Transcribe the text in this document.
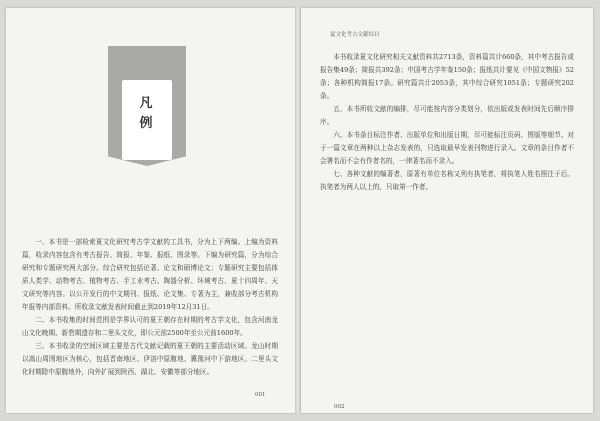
凡
例

一、本书是一部检索夏文化研究考古学文献的工具书，分为上下两编。上编为资料篇，收录内容包含有考古报告、简报、年鉴、报纸、图录等。下编为研究篇，分为综合研究和专题研究两大部分。综合研究包括论著、论文和硕博论文；专题研究主要包括体质人类学、动物考古、植物考古、手工业考古、陶器分析、环境考古、夏十四周年、天文研究等内容。以公开发行的中文期刊、报纸、论文集、专著为主，兼收部分考古机构年报等内部资料。所收录文献发表时间截止到2019年12月31日。

二、本书收集的时间范围是学界认可的夏王朝存在时期的考古学文化，包含河南龙山文化晚期、新砦期遗存和二里头文化，即公元前2500年至公元前1600年。

三、本书收录的空间区域主要是古代文献记载的夏王朝的主要活动区域。龙山时期以嵩山周围地区为核心，包括晋南地区、伊洛中原腹地、冀豫河中下游地区。二里头文化时期除中原腹地外，向外扩展到陕西、湖北、安徽等部分地区。

001
夏文化考古文献综目

本书收录夏文化研究相关文献资料共2713条，资料篇共计660条，其中考古报告或报告集49条；简报共392条；中国考古学年鉴150条；报纸共计要见《中国文物报》52条；各种机构简报17条。研究篇共计2053条，其中综合研究1051条；专题研究202条。

五、本书所收文献的编排，尽可能按内容分类划分，依出版或发表时间先后顺序排序。

六、本书条目标注作者、出版单位和出版日期，尽可能标注页码、图版等细节。对于一篇文章在两种以上杂志发表的，只选取最早发表刊物进行录入。文章的条目作者不会署名而不会有作者名的，一律著名而不录入。

七、各种文献的编著者，原著有单位名称又列有执笔者，将执笔人姓名照注于后。执笔者为两人以上的，只取第一作者。

002
